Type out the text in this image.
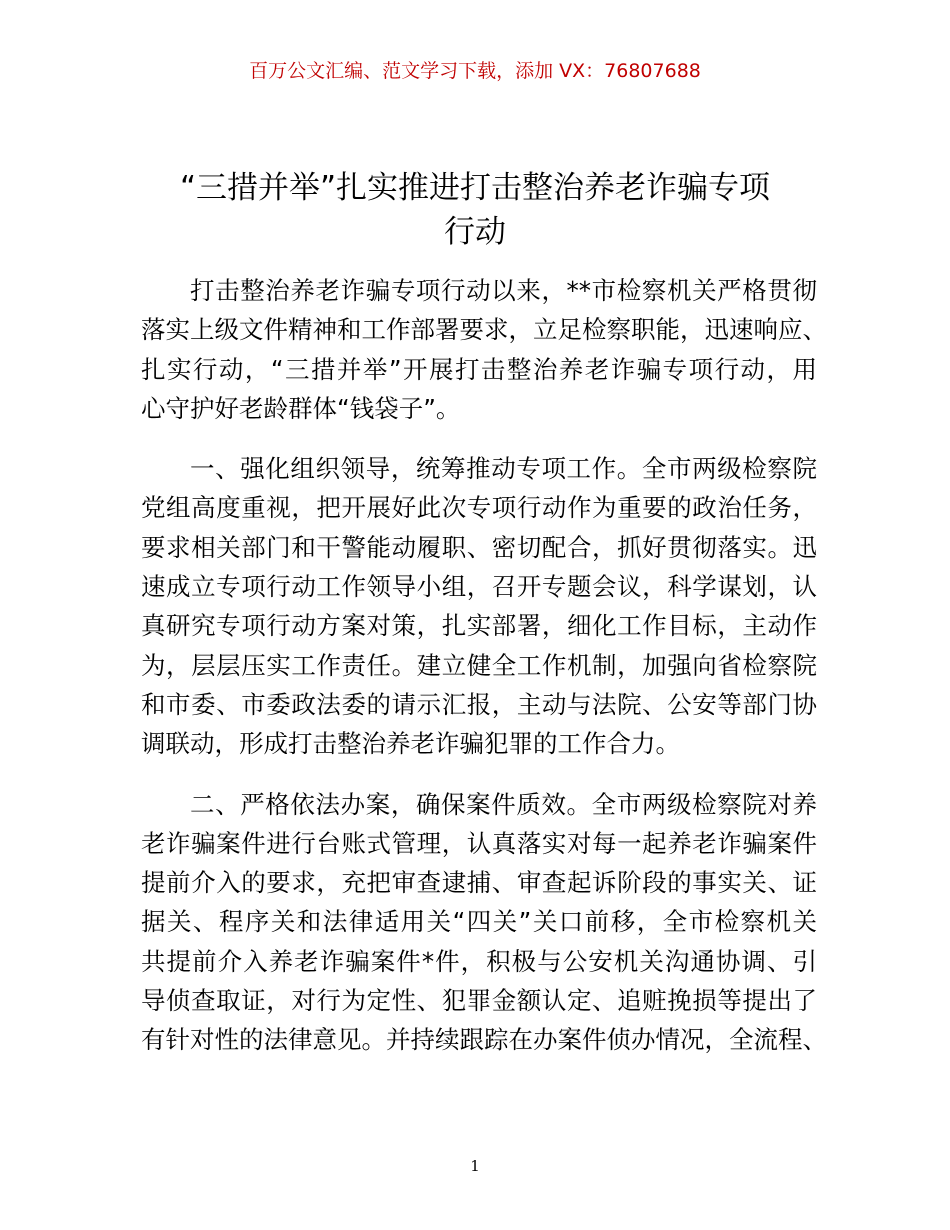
百万公文汇编、范文学习下载，添加 VX：76807688
“三措并举”扎实推进打击整治养老诈骗专项
行动
打击整治养老诈骗专项行动以来，**市检察机关严格贯彻
落实上级文件精神和工作部署要求，立足检察职能，迅速响应、
扎实行动，“三措并举”开展打击整治养老诈骗专项行动，用
心守护好老龄群体“钱袋子”。
一、强化组织领导，统筹推动专项工作。全市两级检察院
党组高度重视，把开展好此次专项行动作为重要的政治任务，
要求相关部门和干警能动履职、密切配合，抓好贯彻落实。迅
速成立专项行动工作领导小组，召开专题会议，科学谋划，认
真研究专项行动方案对策，扎实部署，细化工作目标，主动作
为，层层压实工作责任。建立健全工作机制，加强向省检察院
和市委、市委政法委的请示汇报，主动与法院、公安等部门协
调联动，形成打击整治养老诈骗犯罪的工作合力。
二、严格依法办案，确保案件质效。全市两级检察院对养
老诈骗案件进行台账式管理，认真落实对每一起养老诈骗案件
提前介入的要求，充把审查逮捕、审查起诉阶段的事实关、证
据关、程序关和法律适用关“四关”关口前移，全市检察机关
共提前介入养老诈骗案件*件，积极与公安机关沟通协调、引
导侦查取证，对行为定性、犯罪金额认定、追赃挽损等提出了
有针对性的法律意见。并持续跟踪在办案件侦办情况，全流程、
1
